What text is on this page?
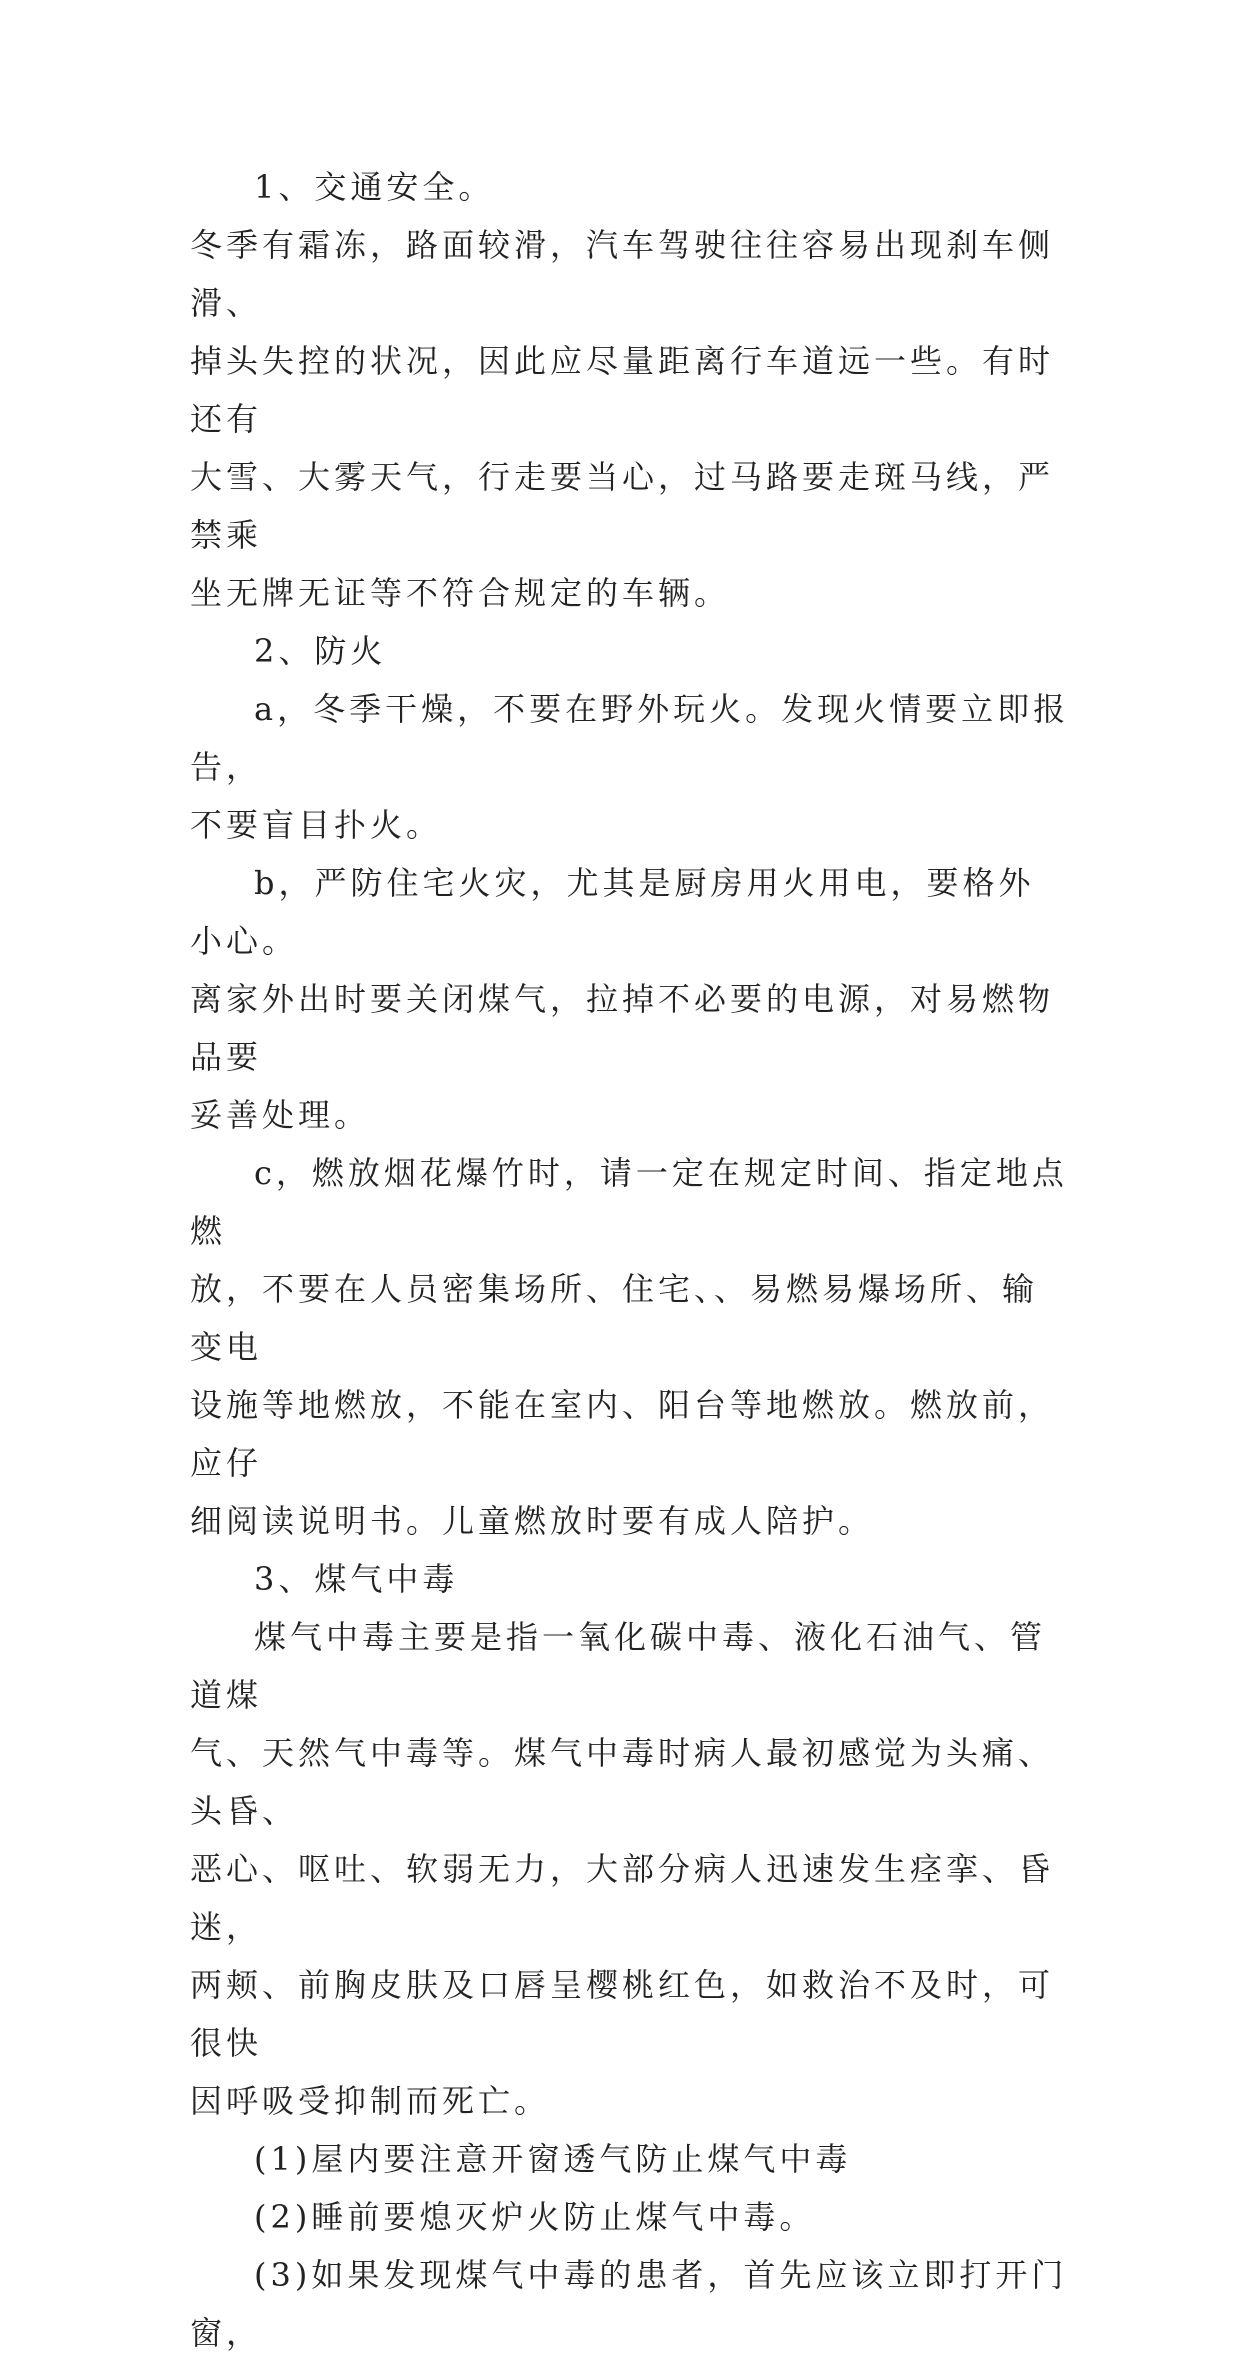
1、交通安全。

冬季有霜冻，路面较滑，汽车驾驶往往容易出现刹车侧滑、

掉头失控的状况，因此应尽量距离行车道远一些。有时还有

大雪、大雾天气，行走要当心，过马路要走斑马线，严禁乘

坐无牌无证等不符合规定的车辆。

2、防火

a，冬季干燥，不要在野外玩火。发现火情要立即报告，

不要盲目扑火。

b，严防住宅火灾，尤其是厨房用火用电，要格外小心。

离家外出时要关闭煤气，拉掉不必要的电源，对易燃物品要

妥善处理。

c，燃放烟花爆竹时，请一定在规定时间、指定地点燃

放，不要在人员密集场所、住宅、、易燃易爆场所、输变电

设施等地燃放，不能在室内、阳台等地燃放。燃放前，应仔

细阅读说明书。儿童燃放时要有成人陪护。

3、煤气中毒

煤气中毒主要是指一氧化碳中毒、液化石油气、管道煤

气、天然气中毒等。煤气中毒时病人最初感觉为头痛、头昏、

恶心、呕吐、软弱无力，大部分病人迅速发生痉挛、昏迷，

两颊、前胸皮肤及口唇呈樱桃红色，如救治不及时，可很快

因呼吸受抑制而死亡。

(1)屋内要注意开窗透气防止煤气中毒

(2)睡前要熄灭炉火防止煤气中毒。

(3)如果发现煤气中毒的患者，首先应该立即打开门窗，
